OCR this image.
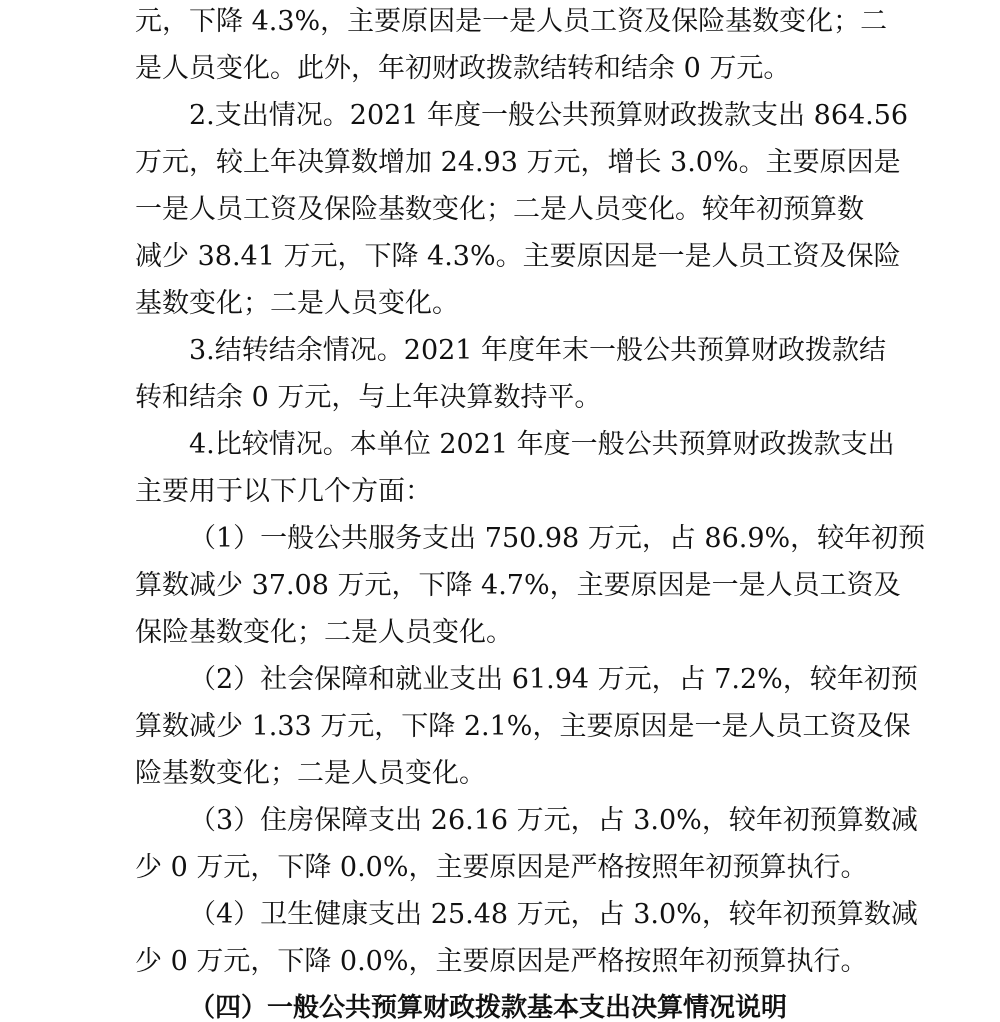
元，下降 4.3%，主要原因是一是人员工资及保险基数变化；二
是人员变化。此外，年初财政拨款结转和结余 0 万元。
2.支出情况。2021 年度一般公共预算财政拨款支出 864.56
万元，较上年决算数增加 24.93 万元，增长 3.0%。主要原因是
一是人员工资及保险基数变化；二是人员变化。较年初预算数
减少 38.41 万元，下降 4.3%。主要原因是一是人员工资及保险
基数变化；二是人员变化。
3.结转结余情况。2021 年度年末一般公共预算财政拨款结
转和结余 0 万元，与上年决算数持平。
4.比较情况。本单位 2021 年度一般公共预算财政拨款支出
主要用于以下几个方面：
（1）一般公共服务支出 750.98 万元，占 86.9%，较年初预
算数减少 37.08 万元，下降 4.7%，主要原因是一是人员工资及
保险基数变化；二是人员变化。
（2）社会保障和就业支出 61.94 万元，占 7.2%，较年初预
算数减少 1.33 万元，下降 2.1%，主要原因是一是人员工资及保
险基数变化；二是人员变化。
（3）住房保障支出 26.16 万元，占 3.0%，较年初预算数减
少 0 万元，下降 0.0%，主要原因是严格按照年初预算执行。
（4）卫生健康支出 25.48 万元，占 3.0%，较年初预算数减
少 0 万元，下降 0.0%，主要原因是严格按照年初预算执行。
（四）一般公共预算财政拨款基本支出决算情况说明
